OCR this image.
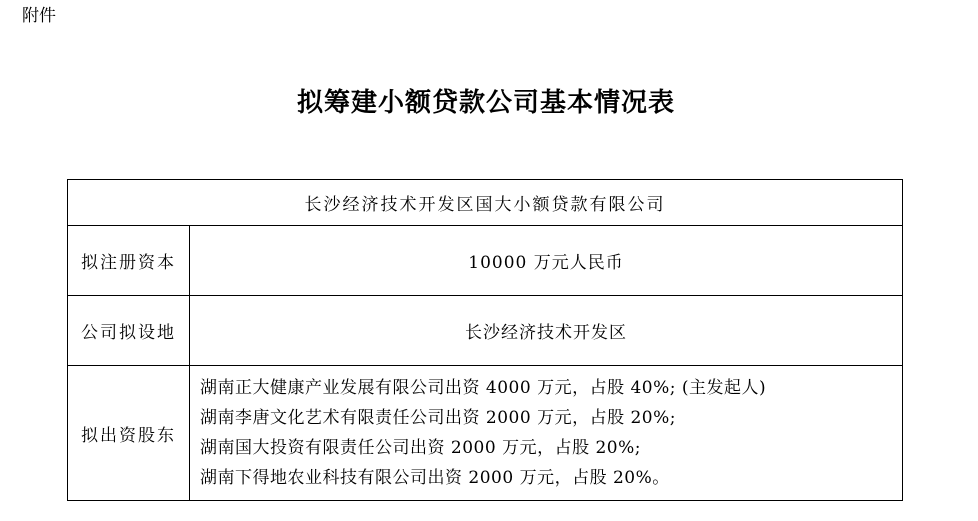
附件
拟筹建小额贷款公司基本情况表
长沙经济技术开发区国大小额贷款有限公司	
拟注册资本	10000 万元人民币
公司拟设地	长沙经济技术开发区
拟出资股东	湖南正大健康产业发展有限公司出资 4000 万元，占股 40%; (主发起人)
湖南李唐文化艺术有限责任公司出资 2000 万元，占股 20%;
湖南国大投资有限责任公司出资 2000 万元，占股 20%;
湖南下得地农业科技有限公司出资 2000 万元，占股 20%。
